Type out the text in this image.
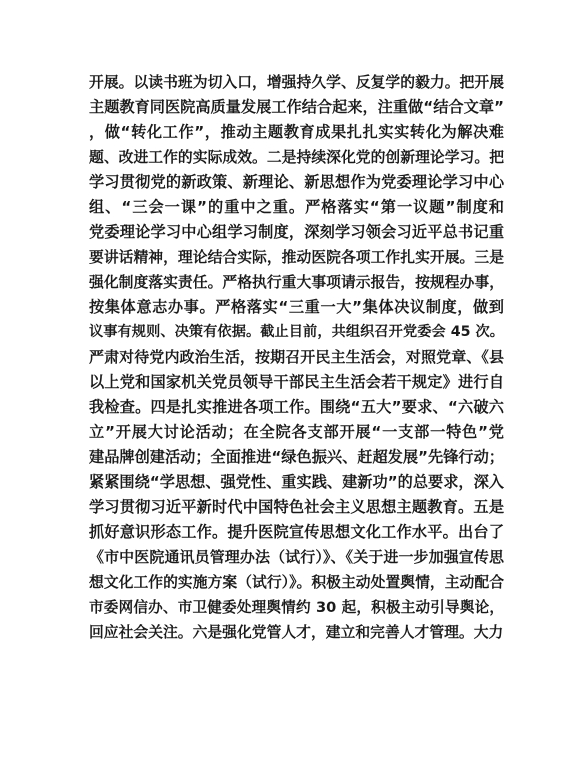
开展。以读书班为切入口，增强持久学、反复学的毅力。把开展
主题教育同医院高质量发展工作结合起来，注重做“结合文章”
，做“转化工作”，推动主题教育成果扎扎实实转化为解决难
题、改进工作的实际成效。二是持续深化党的创新理论学习。把
学习贯彻党的新政策、新理论、新思想作为党委理论学习中心
组、“三会一课”的重中之重。严格落实“第一议题”制度和
党委理论学习中心组学习制度，深刻学习领会习近平总书记重
要讲话精神，理论结合实际，推动医院各项工作扎实开展。三是
强化制度落实责任。严格执行重大事项请示报告，按规程办事，
按集体意志办事。严格落实“三重一大”集体决议制度，做到
议事有规则、决策有依据。截止目前，共组织召开党委会 45 次。
严肃对待党内政治生活，按期召开民主生活会，对照党章、《县
以上党和国家机关党员领导干部民主生活会若干规定》进行自
我检查。四是扎实推进各项工作。围绕“五大”要求、“六破六
立”开展大讨论活动；在全院各支部开展“一支部一特色”党
建品牌创建活动；全面推进“绿色振兴、赶超发展”先锋行动；
紧紧围绕“学思想、强党性、重实践、建新功”的总要求，深入
学习贯彻习近平新时代中国特色社会主义思想主题教育。五是
抓好意识形态工作。提升医院宣传思想文化工作水平。出台了
《市中医院通讯员管理办法（试行）》、《关于进一步加强宣传思
想文化工作的实施方案（试行）》。积极主动处置舆情，主动配合
市委网信办、市卫健委处理舆情约 30 起，积极主动引导舆论，
回应社会关注。六是强化党管人才，建立和完善人才管理。大力
